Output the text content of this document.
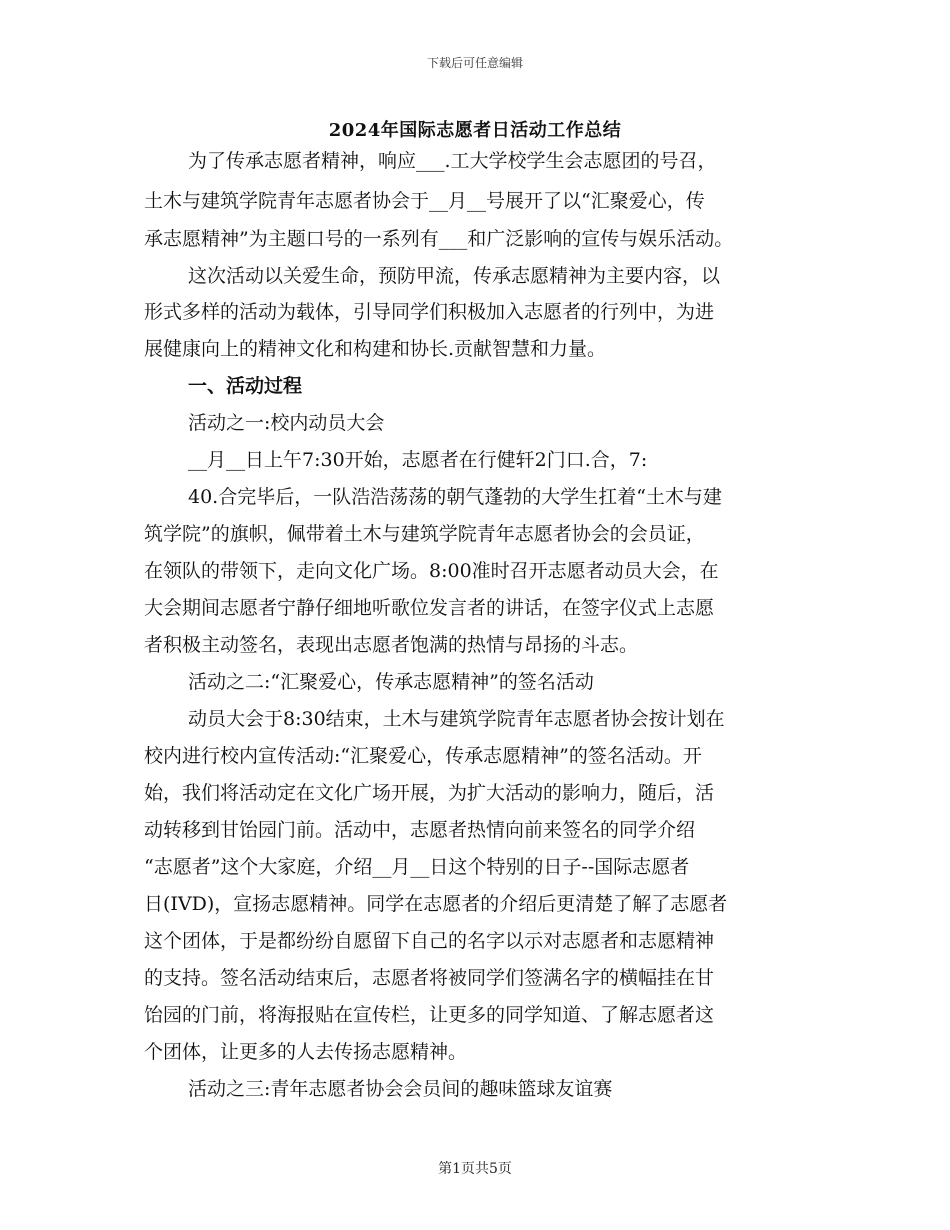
下载后可任意编辑
2024年国际志愿者日活动工作总结
为了传承志愿者精神，响应___.工大学校学生会志愿团的号召，
土木与建筑学院青年志愿者协会于__月__号展开了以“汇聚爱心，传
承志愿精神”为主题口号的一系列有___和广泛影响的宣传与娱乐活动。
这次活动以关爱生命，预防甲流，传承志愿精神为主要内容，以
形式多样的活动为载体，引导同学们积极加入志愿者的行列中，为进
展健康向上的精神文化和构建和协长.贡献智慧和力量。
一、活动过程
活动之一:校内动员大会
__月__日上午7:30开始，志愿者在行健轩2门口.合，7:
40.合完毕后，一队浩浩荡荡的朝气蓬勃的大学生扛着“土木与建
筑学院”的旗帜，佩带着土木与建筑学院青年志愿者协会的会员证，
在领队的带领下，走向文化广场。8:00准时召开志愿者动员大会，在
大会期间志愿者宁静仔细地听歌位发言者的讲话，在签字仪式上志愿
者积极主动签名，表现出志愿者饱满的热情与昂扬的斗志。
活动之二:“汇聚爱心，传承志愿精神”的签名活动
动员大会于8:30结束，土木与建筑学院青年志愿者协会按计划在
校内进行校内宣传活动:“汇聚爱心，传承志愿精神”的签名活动。开
始，我们将活动定在文化广场开展，为扩大活动的影响力，随后，活
动转移到甘饴园门前。活动中，志愿者热情向前来签名的同学介绍
“志愿者”这个大家庭，介绍__月__日这个特别的日子--国际志愿者
日(IVD)，宣扬志愿精神。同学在志愿者的介绍后更清楚了解了志愿者
这个团体，于是都纷纷自愿留下自己的名字以示对志愿者和志愿精神
的支持。签名活动结束后，志愿者将被同学们签满名字的横幅挂在甘
饴园的门前，将海报贴在宣传栏，让更多的同学知道、了解志愿者这
个团体，让更多的人去传扬志愿精神。
活动之三:青年志愿者协会会员间的趣味篮球友谊赛
第1页共5页
